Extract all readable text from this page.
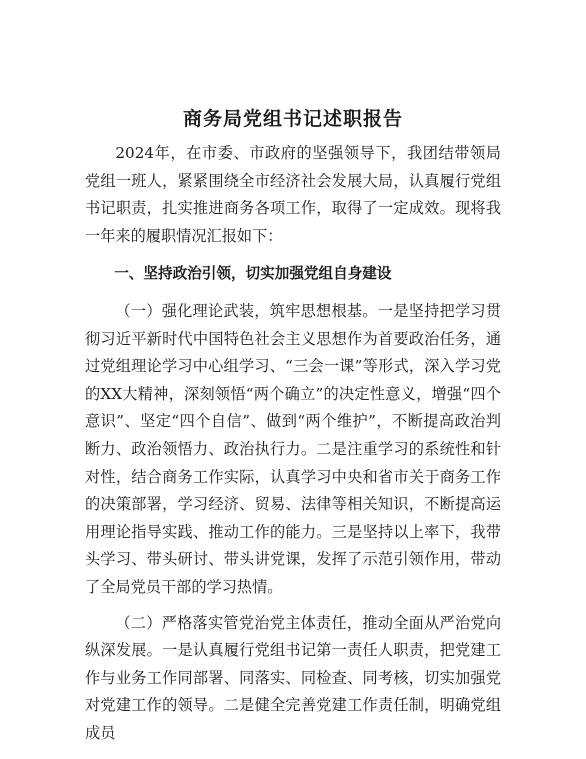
商务局党组书记述职报告

2024年，在市委、市政府的坚强领导下，我团结带领局党组一班人，紧紧围绕全市经济社会发展大局，认真履行党组书记职责，扎实推进商务各项工作，取得了一定成效。现将我一年来的履职情况汇报如下：

一、坚持政治引领，切实加强党组自身建设

（一）强化理论武装，筑牢思想根基。一是坚持把学习贯彻习近平新时代中国特色社会主义思想作为首要政治任务，通过党组理论学习中心组学习、“三会一课”等形式，深入学习党的XX大精神，深刻领悟“两个确立”的决定性意义，增强“四个意识”、坚定“四个自信”、做到“两个维护”，不断提高政治判断力、政治领悟力、政治执行力。二是注重学习的系统性和针对性，结合商务工作实际，认真学习中央和省市关于商务工作的决策部署，学习经济、贸易、法律等相关知识，不断提高运用理论指导实践、推动工作的能力。三是坚持以上率下，我带头学习、带头研讨、带头讲党课，发挥了示范引领作用，带动了全局党员干部的学习热情。

（二）严格落实管党治党主体责任，推动全面从严治党向纵深发展。一是认真履行党组书记第一责任人职责，把党建工作与业务工作同部署、同落实、同检查、同考核，切实加强党对党建工作的领导。二是健全完善党建工作责任制，明确党组成员
